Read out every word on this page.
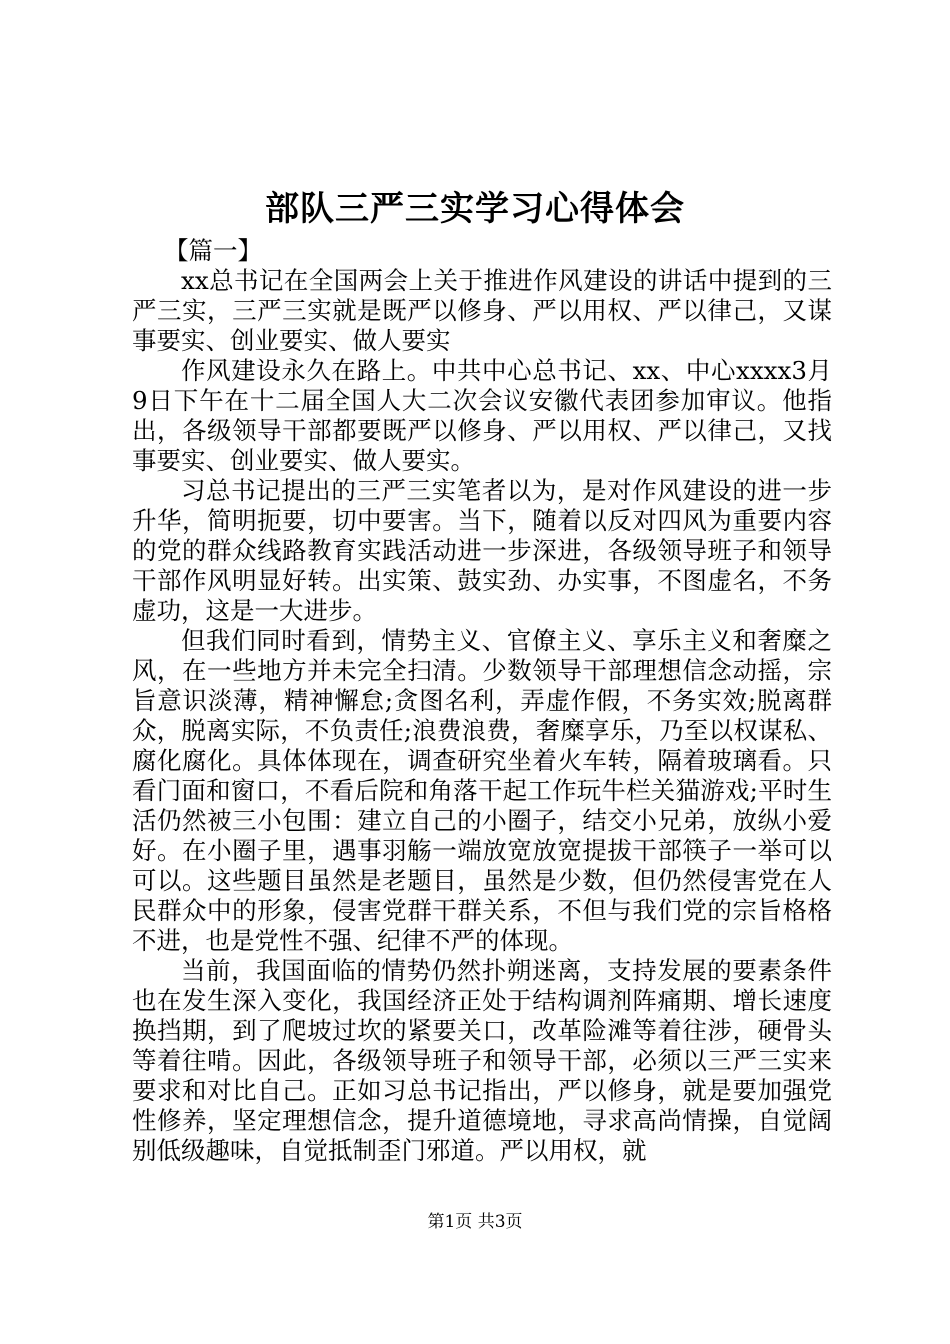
部队三严三实学习心得体会

【篇一】

xx总书记在全国两会上关于推进作风建设的讲话中提到的三严三实，三严三实就是既严以修身、严以用权、严以律己，又谋事要实、创业要实、做人要实

作风建设永久在路上。中共中心总书记、xx、中心xxxx3月9日下午在十二届全国人大二次会议安徽代表团参加审议。他指出，各级领导干部都要既严以修身、严以用权、严以律己，又找事要实、创业要实、做人要实。

习总书记提出的三严三实笔者以为，是对作风建设的进一步升华，简明扼要，切中要害。当下，随着以反对四风为重要内容的党的群众线路教育实践活动进一步深进，各级领导班子和领导干部作风明显好转。出实策、鼓实劲、办实事，不图虚名，不务虚功，这是一大进步。

但我们同时看到，情势主义、官僚主义、享乐主义和奢糜之风，在一些地方并未完全扫清。少数领导干部理想信念动摇，宗旨意识淡薄，精神懈怠;贪图名利，弄虚作假，不务实效;脱离群众，脱离实际，不负责任;浪费浪费，奢糜享乐，乃至以权谋私、腐化腐化。具体体现在，调查研究坐着火车转，隔着玻璃看。只看门面和窗口，不看后院和角落干起工作玩牛栏关猫游戏;平时生活仍然被三小包围：建立自己的小圈子，结交小兄弟，放纵小爱好。在小圈子里，遇事羽觞一端放宽放宽提拔干部筷子一举可以可以。这些题目虽然是老题目，虽然是少数，但仍然侵害党在人民群众中的形象，侵害党群干群关系，不但与我们党的宗旨格格不进，也是党性不强、纪律不严的体现。

当前，我国面临的情势仍然扑朔迷离，支持发展的要素条件也在发生深入变化，我国经济正处于结构调剂阵痛期、增长速度换挡期，到了爬坡过坎的紧要关口，改革险滩等着往涉，硬骨头等着往啃。因此，各级领导班子和领导干部，必须以三严三实来要求和对比自己。正如习总书记指出，严以修身，就是要加强党性修养，坚定理想信念，提升道德境地，寻求高尚情操，自觉阔别低级趣味，自觉抵制歪门邪道。严以用权，就

第1页 共3页
